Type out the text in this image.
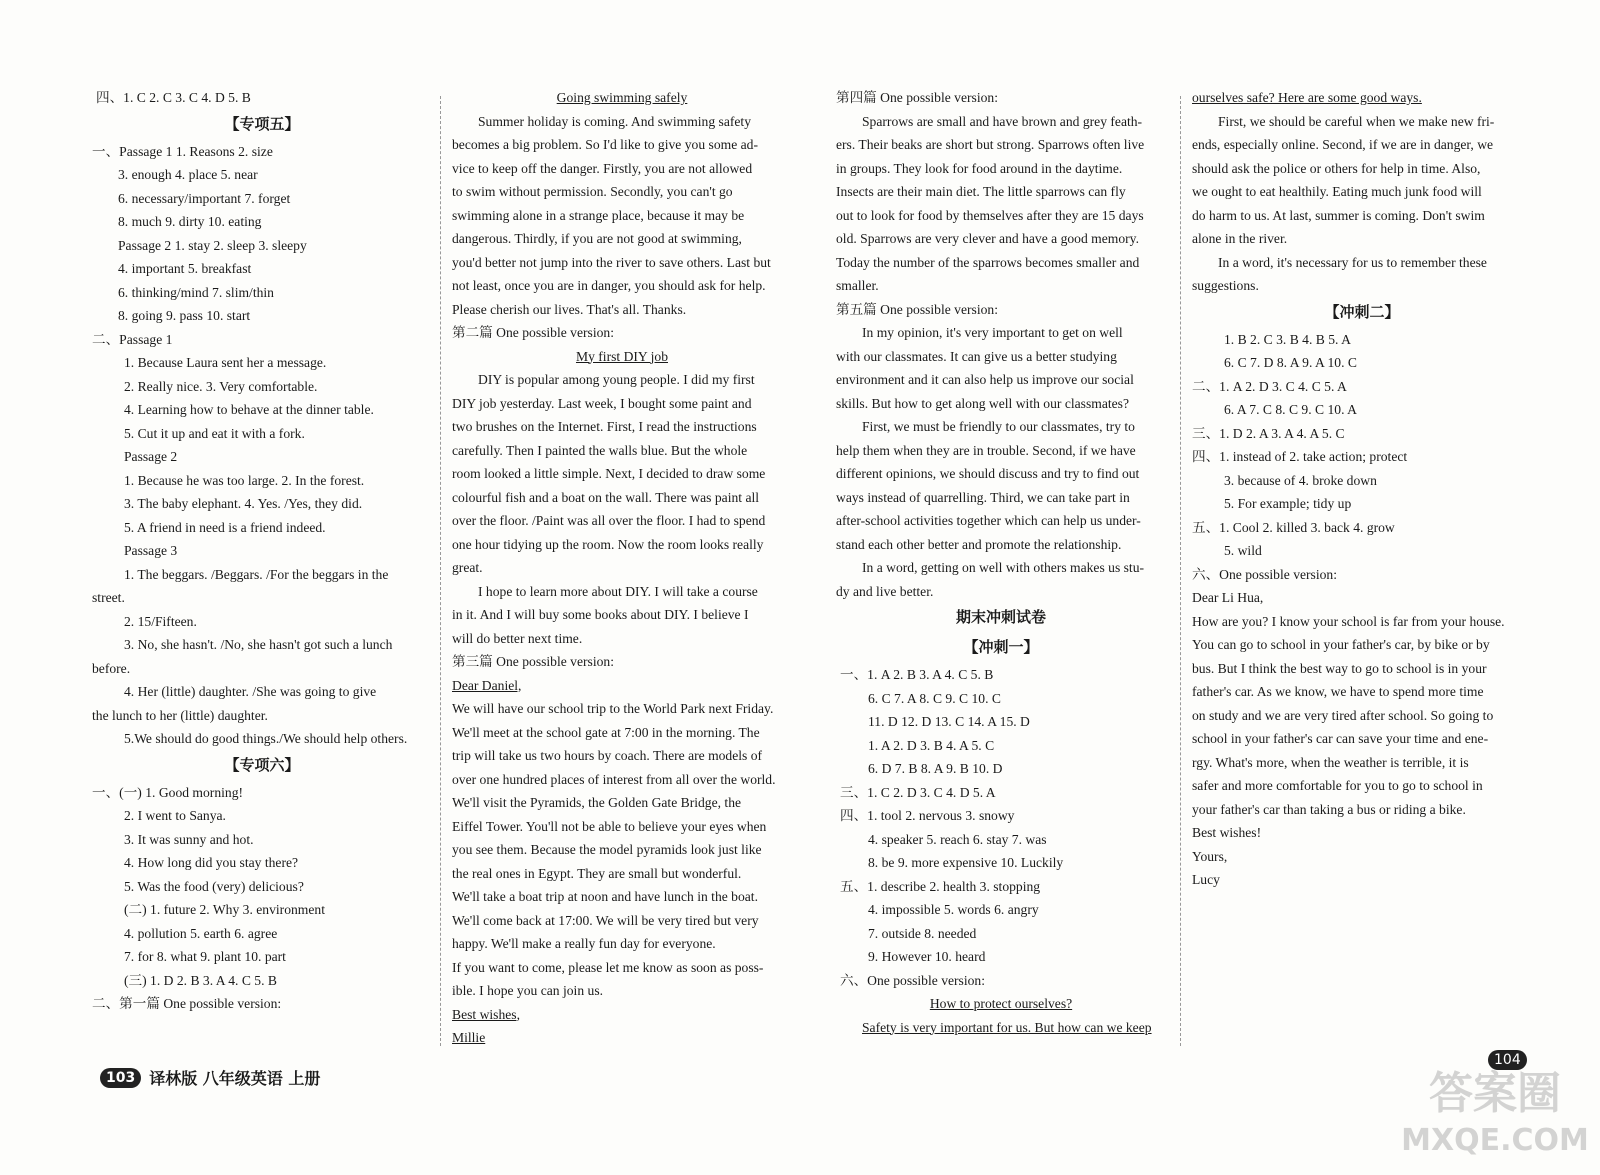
四、1. C 2. C 3. C 4. D 5. B
【专项五】
一、Passage 1 1. Reasons 2. size
3. enough 4. place 5. near
6. necessary/important 7. forget
8. much 9. dirty 10. eating
Passage 2 1. stay 2. sleep 3. sleepy
4. important 5. breakfast
6. thinking/mind 7. slim/thin
8. going 9. pass 10. start
二、Passage 1
1. Because Laura sent her a message.
2. Really nice. 3. Very comfortable.
4. Learning how to behave at the dinner table.
5. Cut it up and eat it with a fork.
Passage 2
1. Because he was too large. 2. In the forest.
3. The baby elephant. 4. Yes. /Yes, they did.
5. A friend in need is a friend indeed.
Passage 3
1. The beggars. /Beggars. /For the beggars in the
street.
2. 15/Fifteen.
3. No, she hasn't. /No, she hasn't got such a lunch
before.
4. Her (little) daughter. /She was going to give
the lunch to her (little) daughter.
5.We should do good things./We should help others.
【专项六】
一、(一) 1. Good morning!
2. I went to Sanya.
3. It was sunny and hot.
4. How long did you stay there?
5. Was the food (very) delicious?
(二) 1. future 2. Why 3. environment
4. pollution 5. earth 6. agree
7. for 8. what 9. plant 10. part
(三) 1. D 2. B 3. A 4. C 5. B
二、第一篇 One possible version:
Going swimming safely
Summer holiday is coming. And swimming safety
becomes a big problem. So I'd like to give you some ad-
vice to keep off the danger. Firstly, you are not allowed
to swim without permission. Secondly, you can't go
swimming alone in a strange place, because it may be
dangerous. Thirdly, if you are not good at swimming,
you'd better not jump into the river to save others. Last but
not least, once you are in danger, you should ask for help.
Please cherish our lives. That's all. Thanks.
第二篇 One possible version:
My first DIY job
DIY is popular among young people. I did my first
DIY job yesterday. Last week, I bought some paint and
two brushes on the Internet. First, I read the instructions
carefully. Then I painted the walls blue. But the whole
room looked a little simple. Next, I decided to draw some
colourful fish and a boat on the wall. There was paint all
over the floor. /Paint was all over the floor. I had to spend
one hour tidying up the room. Now the room looks really
great.
I hope to learn more about DIY. I will take a course
in it. And I will buy some books about DIY. I believe I
will do better next time.
第三篇 One possible version:
Dear Daniel,
We will have our school trip to the World Park next Friday.
We'll meet at the school gate at 7:00 in the morning. The
trip will take us two hours by coach. There are models of
over one hundred places of interest from all over the world.
We'll visit the Pyramids, the Golden Gate Bridge, the
Eiffel Tower. You'll not be able to believe your eyes when
you see them. Because the model pyramids look just like
the real ones in Egypt. They are small but wonderful.
We'll take a boat trip at noon and have lunch in the boat.
We'll come back at 17:00. We will be very tired but very
happy. We'll make a really fun day for everyone.
If you want to come, please let me know as soon as poss-
ible. I hope you can join us.
Best wishes,
Millie
第四篇 One possible version:
Sparrows are small and have brown and grey feath-
ers. Their beaks are short but strong. Sparrows often live
in groups. They look for food around in the daytime.
Insects are their main diet. The little sparrows can fly
out to look for food by themselves after they are 15 days
old. Sparrows are very clever and have a good memory.
Today the number of the sparrows becomes smaller and
smaller.
第五篇 One possible version:
In my opinion, it's very important to get on well
with our classmates. It can give us a better studying
environment and it can also help us improve our social
skills. But how to get along well with our classmates?
First, we must be friendly to our classmates, try to
help them when they are in trouble. Second, if we have
different opinions, we should discuss and try to find out
ways instead of quarrelling. Third, we can take part in
after-school activities together which can help us under-
stand each other better and promote the relationship.
In a word, getting on well with others makes us stu-
dy and live better.
期末冲刺试卷
【冲刺一】
一、1. A 2. B 3. A 4. C 5. B
6. C 7. A 8. C 9. C 10. C
11. D 12. D 13. C 14. A 15. D
1. A 2. D 3. B 4. A 5. C
6. D 7. B 8. A 9. B 10. D
三、1. C 2. D 3. C 4. D 5. A
四、1. tool 2. nervous 3. snowy
4. speaker 5. reach 6. stay 7. was
8. be 9. more expensive 10. Luckily
五、1. describe 2. health 3. stopping
4. impossible 5. words 6. angry
7. outside 8. needed
9. However 10. heard
六、One possible version:
How to protect ourselves?
Safety is very important for us. But how can we keep
ourselves safe? Here are some good ways.
First, we should be careful when we make new fri-
ends, especially online. Second, if we are in danger, we
should ask the police or others for help in time. Also,
we ought to eat healthily. Eating much junk food will
do harm to us. At last, summer is coming. Don't swim
alone in the river.
In a word, it's necessary for us to remember these
suggestions.
【冲刺二】
1. B 2. C 3. B 4. B 5. A
6. C 7. D 8. A 9. A 10. C
二、1. A 2. D 3. C 4. C 5. A
6. A 7. C 8. C 9. C 10. A
三、1. D 2. A 3. A 4. A 5. C
四、1. instead of 2. take action; protect
3. because of 4. broke down
5. For example; tidy up
五、1. Cool 2. killed 3. back 4. grow
5. wild
六、One possible version:
Dear Li Hua,
How are you? I know your school is far from your house.
You can go to school in your father's car, by bike or by
bus. But I think the best way to go to school is in your
father's car. As we know, we have to spend more time
on study and we are very tired after school. So going to
school in your father's car can save your time and ene-
rgy. What's more, when the weather is terrible, it is
safer and more comfortable for you to go to school in
your father's car than taking a bus or riding a bike.
Best wishes!
Yours,
Lucy
103 译林版 八年级英语 上册
104
答案圈
MXQE.COM
